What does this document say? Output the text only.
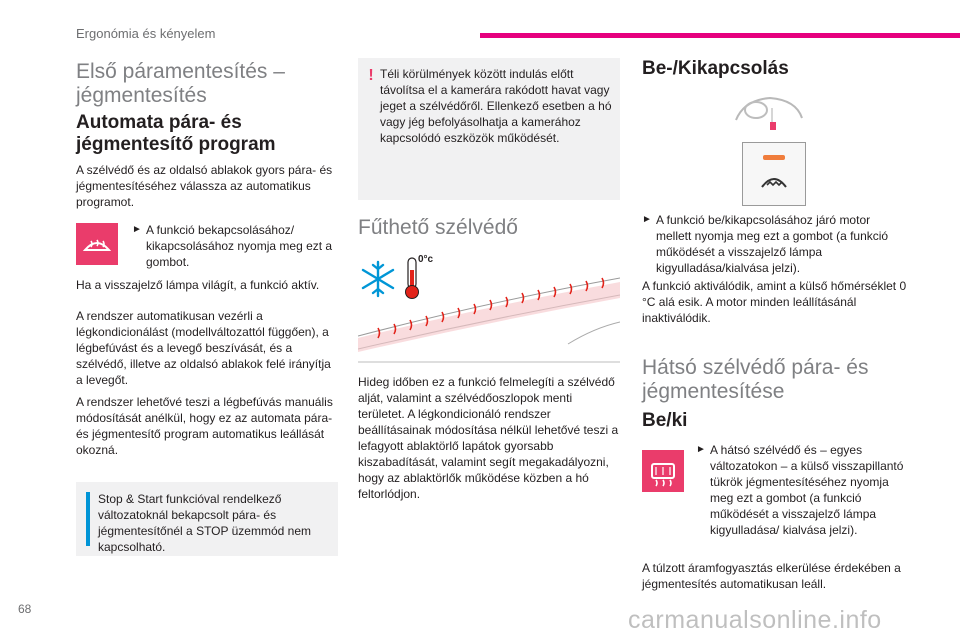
Ergonómia és kényelem
Első páramentesítés – jégmentesítés
Automata pára- és jégmentesítő program

A szélvédő és az oldalsó ablakok gyors pára- és jégmentesítéséhez válassza az automatikus programot.

► A funkció bekapcsolásához/ kikapcsolásához nyomja meg ezt a gombot.

Ha a visszajelző lámpa világít, a funkció aktív.

A rendszer automatikusan vezérli a légkondicionálást (modellváltozattól függően), a légbefúvást és a levegő beszívását, és a szélvédő, illetve az oldalsó ablakok felé irányítja a levegőt.

A rendszer lehetővé teszi a légbefúvás manuális módosítását anélkül, hogy ez az automata pára- és jégmentesítő program automatikus leállását okozná.

Stop & Start funkcióval rendelkező változatoknál bekapcsolt pára- és jégmentesítőnél a STOP üzemmód nem kapcsolható.

! Téli körülmények között indulás előtt távolítsa el a kamerára rakódott havat vagy jeget a szélvédőről. Ellenkező esetben a hó vagy jég befolyásolhatja a kamerához kapcsolódó eszközök működését.

Fűthető szélvédő
0°c

Hideg időben ez a funkció felmelegíti a szélvédő alját, valamint a szélvédőoszlopok menti területet. A légkondicionáló rendszer beállításainak módosítása nélkül lehetővé teszi a lefagyott ablaktörlő lapátok gyorsabb kiszabadítását, valamint segít megakadályozni, hogy az ablaktörlők működése közben a hó feltorlódjon.

Be-/Kikapcsolás
► A funkció be/kikapcsolásához járó motor mellett nyomja meg ezt a gombot (a funkció működését a visszajelző lámpa kigyulladása/kialvása jelzi).

A funkció aktiválódik, amint a külső hőmérséklet 0 °C alá esik. A motor minden leállításánál inaktiválódik.

Hátsó szélvédő pára- és jégmentesítése
Be/ki
► A hátsó szélvédő és – egyes változatokon – a külső visszapillantó tükrök jégmentesítéséhez nyomja meg ezt a gombot (a funkció működését a visszajelző lámpa kigyulladása/ kialvása jelzi).

A túlzott áramfogyasztás elkerülése érdekében a jégmentesítés automatikusan leáll.

68	carmanualsonline.info
